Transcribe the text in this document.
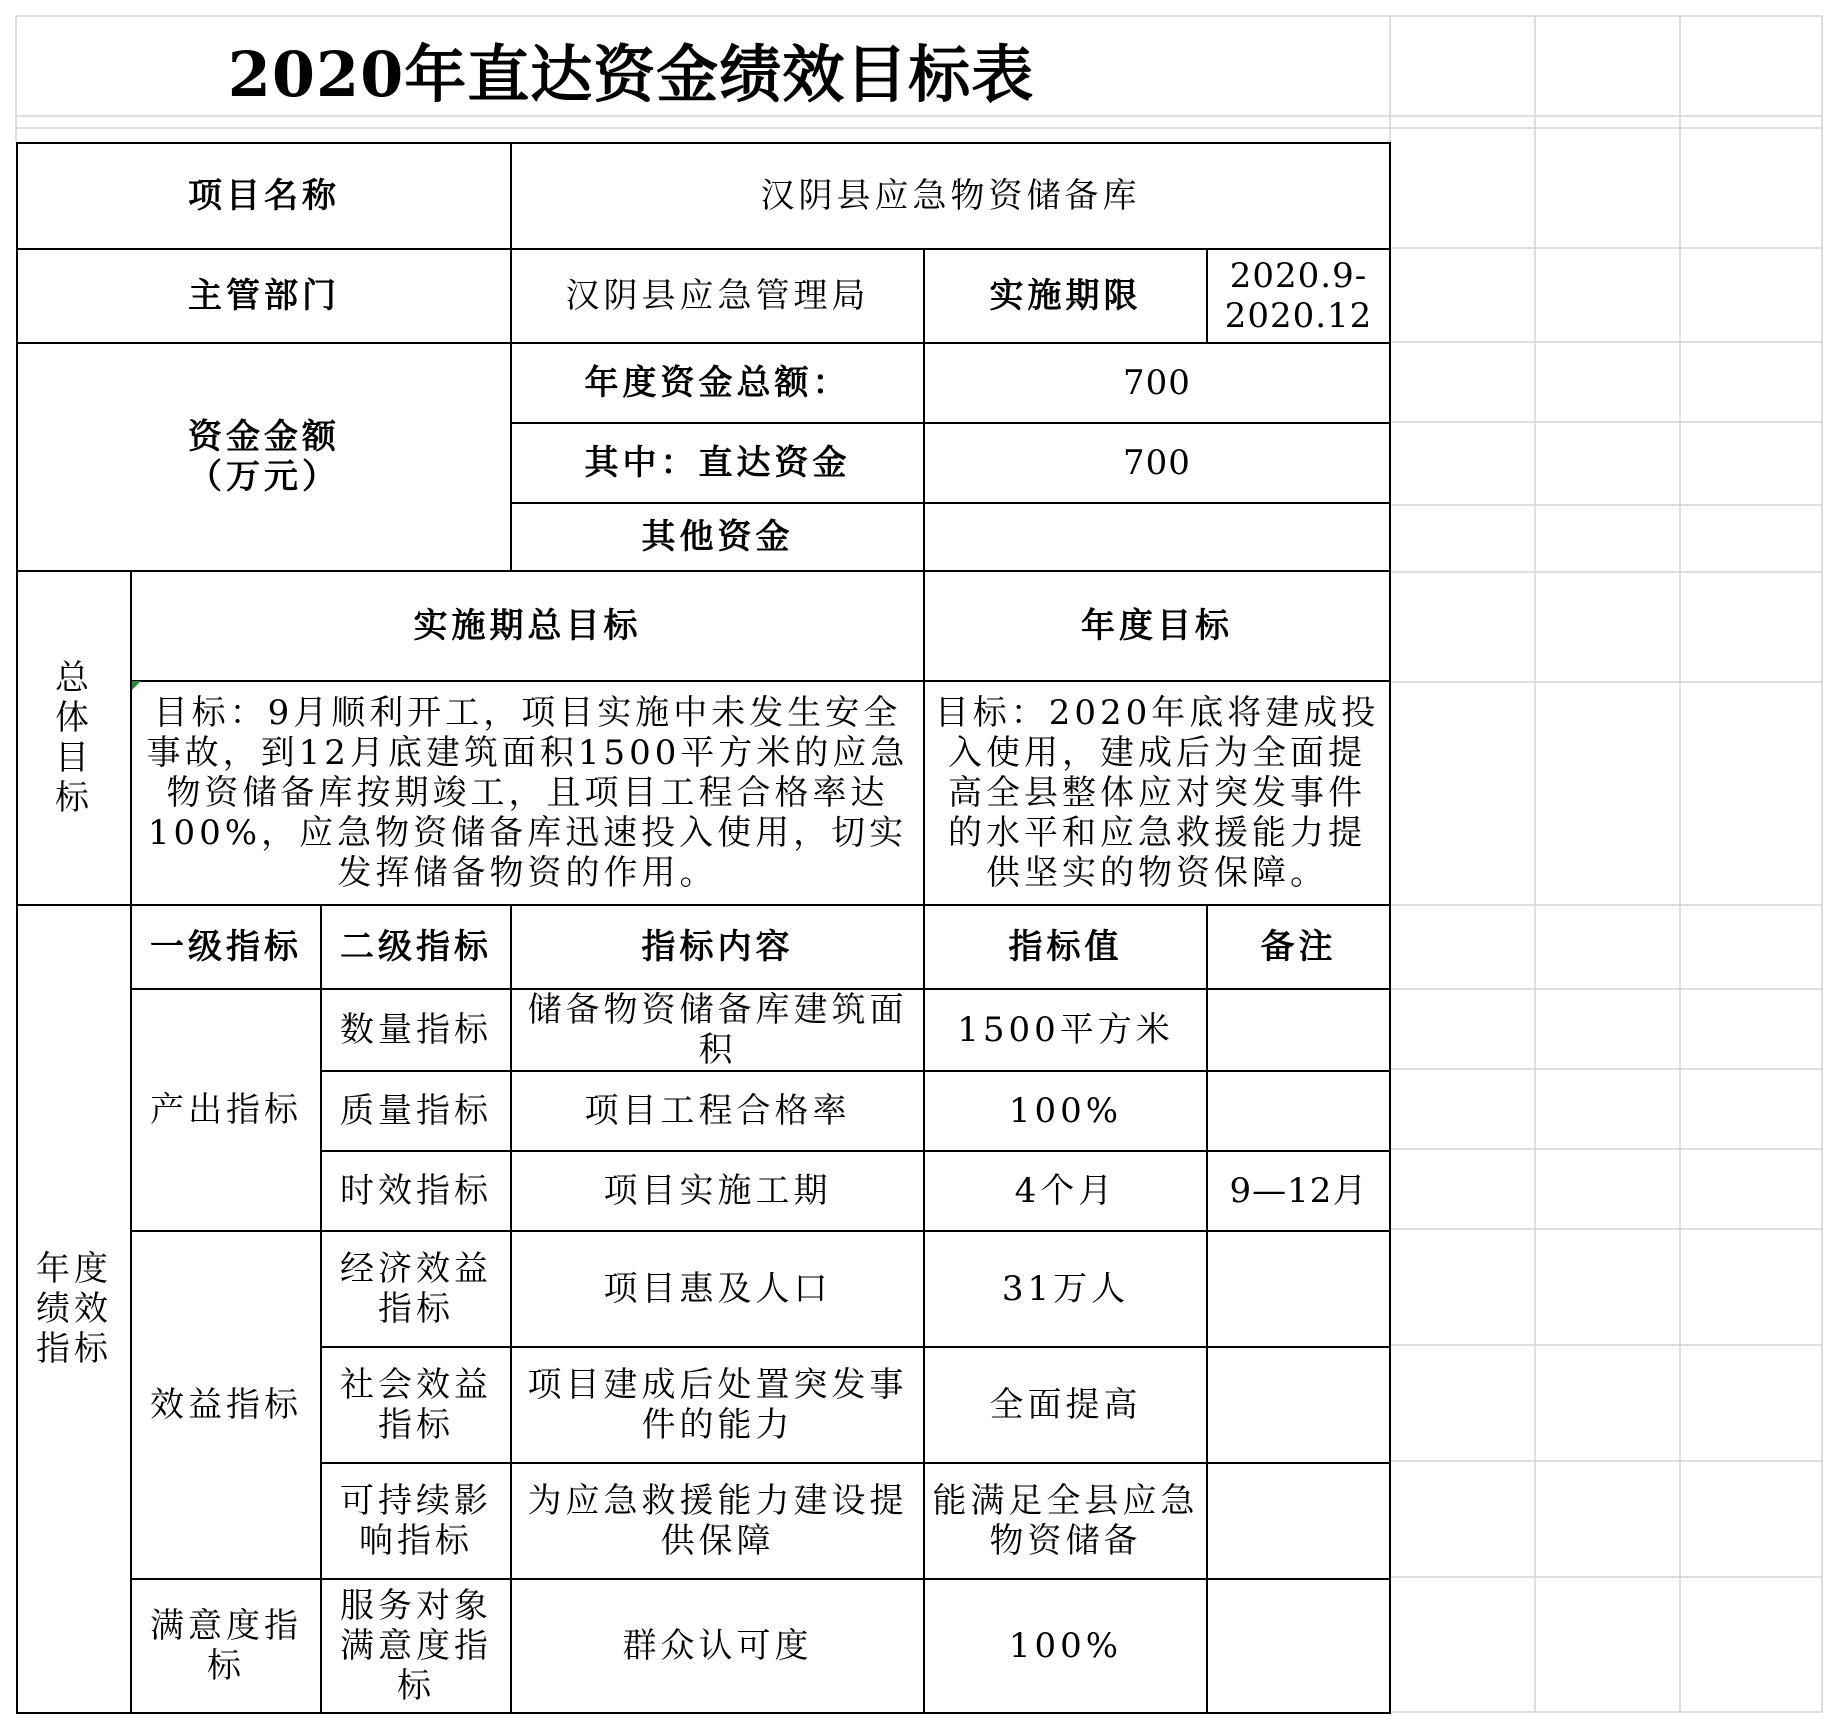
2020年直达资金绩效目标表
项目名称			汉阴县应急物资储备库		
主管部门			汉阴县应急管理局	实施期限	2020.9-
2020.12

资金金额
（万元）			年度资金总额：	700	
			其中：直达资金	700	
			其他资金		

总
体
目
标	实施期总目标			年度目标	
	目标：9月顺利开工，项目实施中未发生安全事故，到12月底建筑面积1500平方米的应急物资储备库按期竣工，且项目工程合格率达100%，应急物资储备库迅速投入使用，切实发挥储备物资的作用。			目标：2020年底将建成投入使用，建成后为全面提高全县整体应对突发事件的水平和应急救援能力提供坚实的物资保障。	

年度
绩效
指标	一级指标	二级指标	指标内容	指标值	备注
	产出指标	数量指标	储备物资储备库建筑面积	1500平方米	
		质量指标	项目工程合格率	100%	
		时效指标	项目实施工期	4个月	9—12月
	效益指标	经济效益指标	项目惠及人口	31万人	
		社会效益指标	项目建成后处置突发事件的能力	全面提高	
		可持续影响指标	为应急救援能力建设提供保障	能满足全县应急物资储备	
	满意度指标	服务对象满意度指标	群众认可度	100%	
